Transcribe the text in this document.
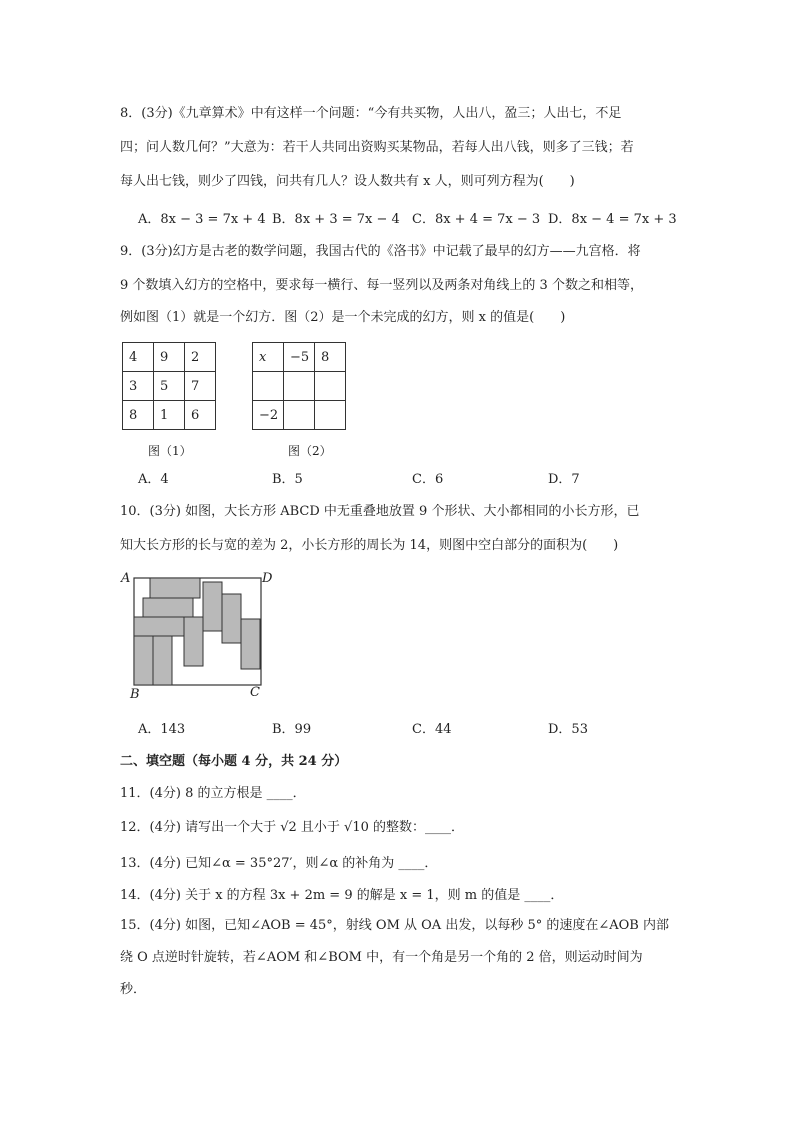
8．(3分)《九章算术》中有这样一个问题：“今有共买物，人出八，盈三；人出七，不足
四；问人数几何？”大意为：若干人共同出资购买某物品，若每人出八钱，则多了三钱；若
每人出七钱，则少了四钱，问共有几人？设人数共有 x 人，则可列方程为(　　)
A．8x − 3 = 7x + 4 B．8x + 3 = 7x − 4 C．8x + 4 = 7x − 3 D．8x − 4 = 7x + 3
9．(3分)幻方是古老的数学问题，我国古代的《洛书》中记载了最早的幻方——九宫格．将
9 个数填入幻方的空格中，要求每一横行、每一竖列以及两条对角线上的 3 个数之和相等，
例如图（1）就是一个幻方．图（2）是一个未完成的幻方，则 x 的值是(　　)
4	9	2
3	5	7
8	1	6
图（1）
x	−5	8

−2		
图（2）
A．4	B．5	C．6	D．7
10．(3分) 如图，大长方形 ABCD 中无重叠地放置 9 个形状、大小都相同的小长方形，已
知大长方形的长与宽的差为 2，小长方形的周长为 14，则图中空白部分的面积为(　　)
A	D
B	C
A．143	B．99	C．44	D．53
二、填空题（每小题 4 分，共 24 分）
11．(4分) 8 的立方根是 ____．
12．(4分) 请写出一个大于 √2 且小于 √10 的整数：____．
13．(4分) 已知∠α = 35°27′，则∠α 的补角为 ____．
14．(4分) 关于 x 的方程 3x + 2m = 9 的解是 x = 1，则 m 的值是 ____．
15．(4分) 如图，已知∠AOB = 45°，射线 OM 从 OA 出发，以每秒 5° 的速度在∠AOB 内部
绕 O 点逆时针旋转，若∠AOM 和∠BOM 中，有一个角是另一个角的 2 倍，则运动时间为
秒．
